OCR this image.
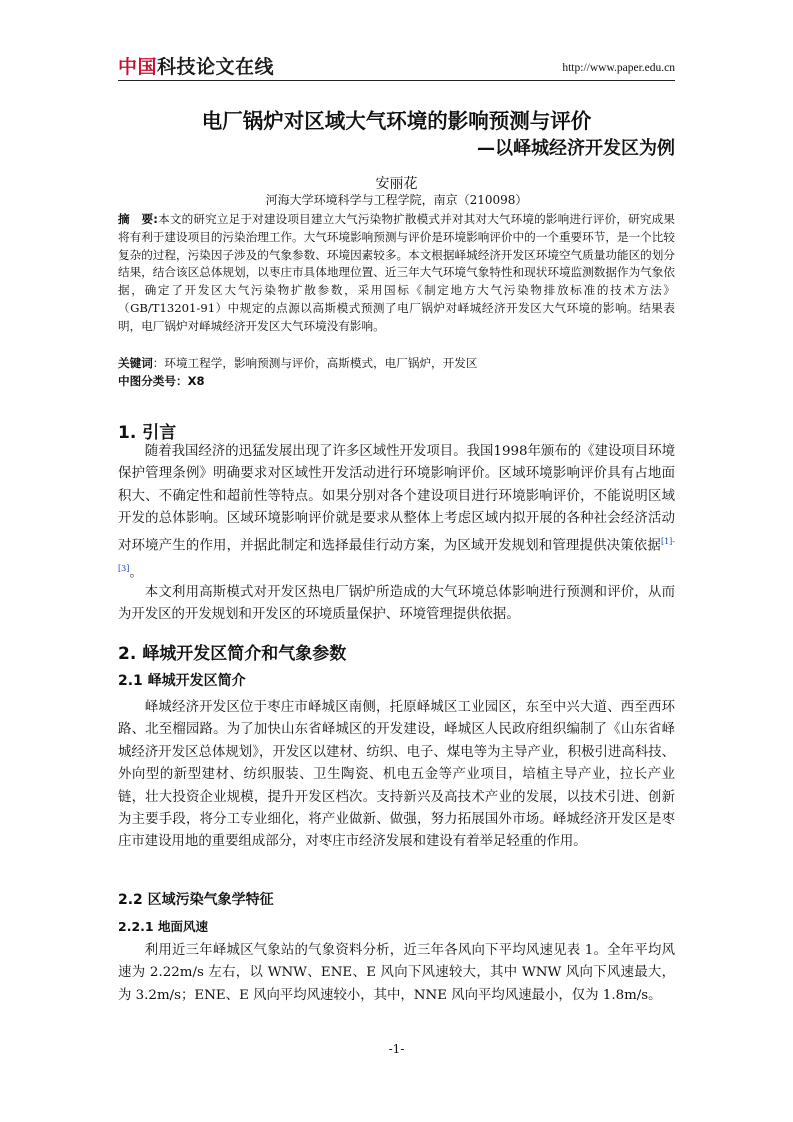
中国科技论文在线	http://www.paper.edu.cn
电厂锅炉对区域大气环境的影响预测与评价
—以峄城经济开发区为例
安丽花
河海大学环境科学与工程学院，南京（210098）
摘　要:本文的研究立足于对建设项目建立大气污染物扩散模式并对其对大气环境的影响进行评价，研究成果将有利于建设项目的污染治理工作。大气环境影响预测与评价是环境影响评价中的一个重要环节，是一个比较复杂的过程，污染因子涉及的气象参数、环境因素较多。本文根据峄城经济开发区环境空气质量功能区的划分结果，结合该区总体规划，以枣庄市具体地理位置、近三年大气环境气象特性和现状环境监测数据作为气象依据，确定了开发区大气污染物扩散参数，采用国标《制定地方大气污染物排放标准的技术方法》（GB/T13201-91）中规定的点源以高斯模式预测了电厂锅炉对峄城经济开发区大气环境的影响。结果表明，电厂锅炉对峄城经济开发区大气环境没有影响。
关键词：环境工程学，影响预测与评价，高斯模式，电厂锅炉，开发区
中图分类号：X8
1. 引言

随着我国经济的迅猛发展出现了许多区域性开发项目。我国1998年颁布的《建设项目环境保护管理条例》明确要求对区域性开发活动进行环境影响评价。区域环境影响评价具有占地面积大、不确定性和超前性等特点。如果分别对各个建设项目进行环境影响评价，不能说明区域开发的总体影响。区域环境影响评价就是要求从整体上考虑区域内拟开展的各种社会经济活动对环境产生的作用，并据此制定和选择最佳行动方案，为区域开发规划和管理提供决策依据[1]-[3]。

本文利用高斯模式对开发区热电厂锅炉所造成的大气环境总体影响进行预测和评价，从而为开发区的开发规划和开发区的环境质量保护、环境管理提供依据。

2. 峄城开发区简介和气象参数
2.1 峄城开发区简介

峄城经济开发区位于枣庄市峄城区南侧，托原峄城区工业园区，东至中兴大道、西至西环路、北至榴园路。为了加快山东省峄城区的开发建设，峄城区人民政府组织编制了《山东省峄城经济开发区总体规划》，开发区以建材、纺织、电子、煤电等为主导产业，积极引进高科技、外向型的新型建材、纺织服装、卫生陶瓷、机电五金等产业项目，培植主导产业，拉长产业链，壮大投资企业规模，提升开发区档次。支持新兴及高技术产业的发展，以技术引进、创新为主要手段，将分工专业细化，将产业做新、做强，努力拓展国外市场。峄城经济开发区是枣庄市建设用地的重要组成部分，对枣庄市经济发展和建设有着举足轻重的作用。

2.2 区域污染气象学特征
2.2.1 地面风速

利用近三年峄城区气象站的气象资料分析，近三年各风向下平均风速见表 1。全年平均风速为 2.22m/s 左右，以 WNW、ENE、E 风向下风速较大，其中 WNW 风向下风速最大，为 3.2m/s；ENE、E 风向平均风速较小，其中，NNE 风向平均风速最小，仅为 1.8m/s。

-1-
